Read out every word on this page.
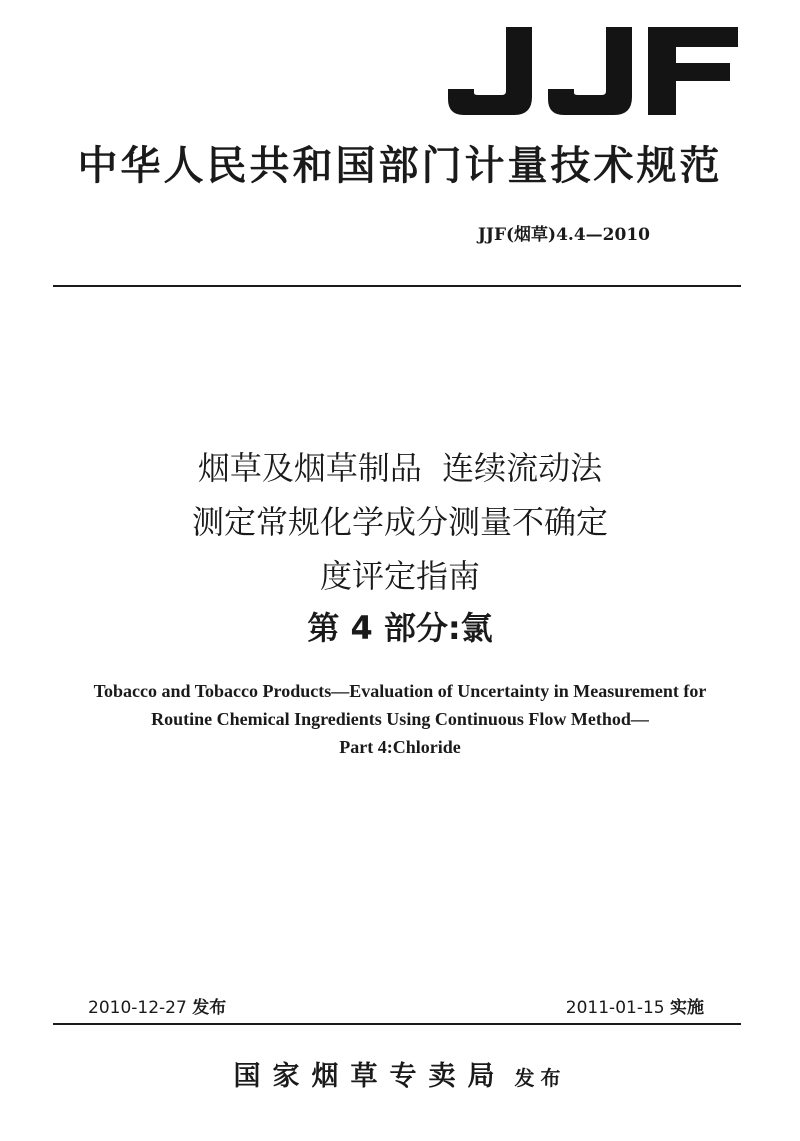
中华人民共和国部门计量技术规范
JJF(烟草)4.4—2010
烟草及烟草制品  连续流动法
测定常规化学成分测量不确定
度评定指南
第 4 部分:氯
Tobacco and Tobacco Products—Evaluation of Uncertainty in Measurement for
Routine Chemical Ingredients Using Continuous Flow Method—
Part 4:Chloride
2010-12-27 发布	2011-01-15 实施
国家烟草专卖局 发布
